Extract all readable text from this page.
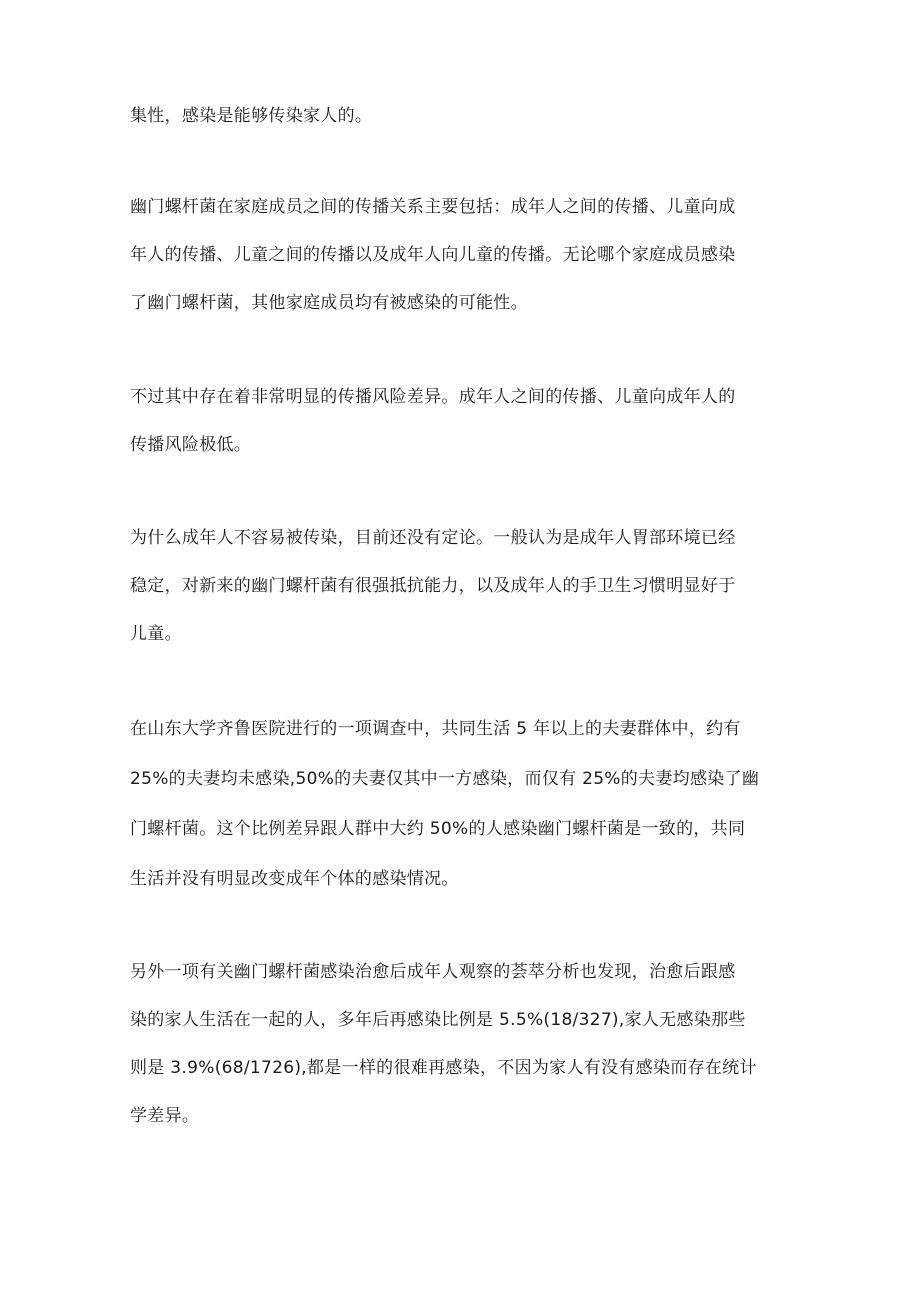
集性，感染是能够传染家人的。
幽门螺杆菌在家庭成员之间的传播关系主要包括：成年人之间的传播、儿童向成
年人的传播、儿童之间的传播以及成年人向儿童的传播。无论哪个家庭成员感染
了幽门螺杆菌，其他家庭成员均有被感染的可能性。
不过其中存在着非常明显的传播风险差异。成年人之间的传播、儿童向成年人的
传播风险极低。
为什么成年人不容易被传染，目前还没有定论。一般认为是成年人胃部环境已经
稳定，对新来的幽门螺杆菌有很强抵抗能力，以及成年人的手卫生习惯明显好于
儿童。
在山东大学齐鲁医院进行的一项调查中，共同生活 5 年以上的夫妻群体中，约有
25%的夫妻均未感染,50%的夫妻仅其中一方感染，而仅有 25%的夫妻均感染了幽
门螺杆菌。这个比例差异跟人群中大约 50%的人感染幽门螺杆菌是一致的，共同
生活并没有明显改变成年个体的感染情况。
另外一项有关幽门螺杆菌感染治愈后成年人观察的荟萃分析也发现，治愈后跟感
染的家人生活在一起的人，多年后再感染比例是 5.5%(18/327),家人无感染那些
则是 3.9%(68/1726),都是一样的很难再感染，不因为家人有没有感染而存在统计
学差异。
